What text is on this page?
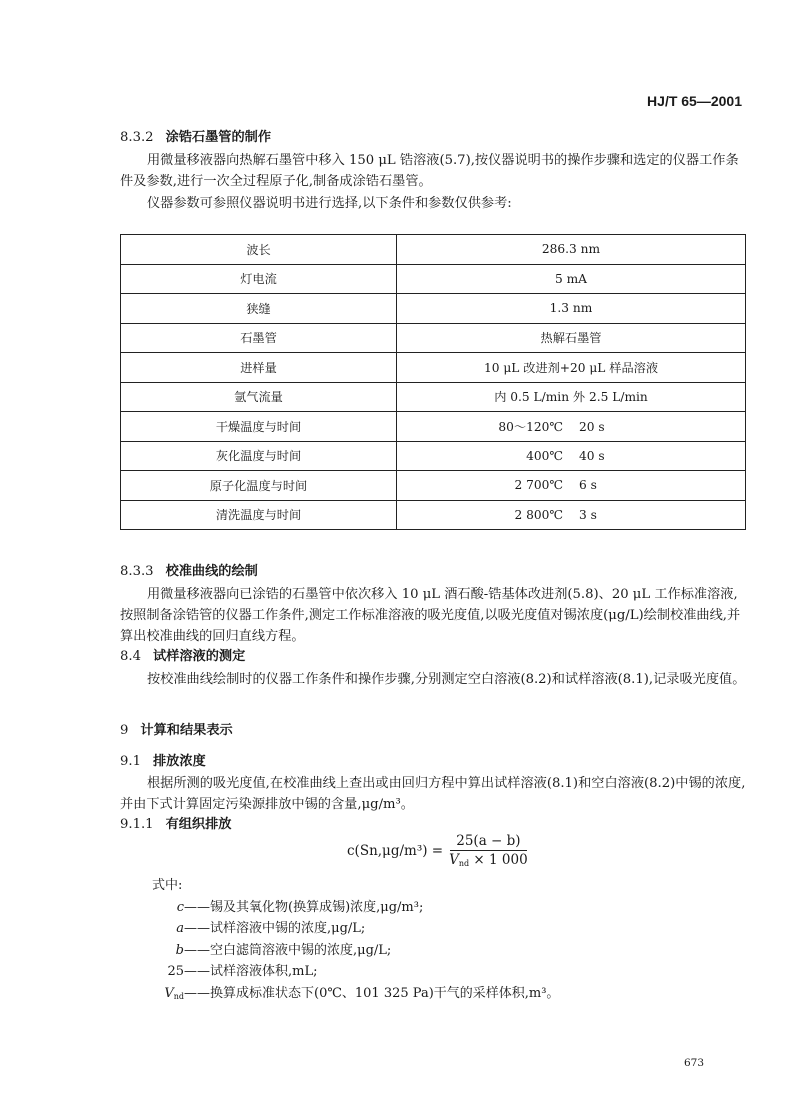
HJ/T 65—2001
8.3.2 涂锆石墨管的制作
用微量移液器向热解石墨管中移入 150 μL 锆溶液(5.7),按仪器说明书的操作步骤和选定的仪器工作条件及参数,进行一次全过程原子化,制备成涂锆石墨管。
仪器参数可参照仪器说明书进行选择,以下条件和参数仅供参考:
波长	286.3 nm
灯电流	5 mA
狭缝	1.3 nm
石墨管	热解石墨管
进样量	10 μL 改进剂+20 μL 样品溶液
氩气流量	内 0.5 L/min 外 2.5 L/min
干燥温度与时间	80～120℃ 20 s
灰化温度与时间	400℃ 40 s
原子化温度与时间	2 700℃ 6 s
清洗温度与时间	2 800℃ 3 s
8.3.3 校准曲线的绘制
用微量移液器向已涂锆的石墨管中依次移入 10 μL 酒石酸-锆基体改进剂(5.8)、20 μL 工作标准溶液,按照制备涂锆管的仪器工作条件,测定工作标准溶液的吸光度值,以吸光度值对锡浓度(μg/L)绘制校准曲线,并算出校准曲线的回归直线方程。
8.4 试样溶液的测定
按校准曲线绘制时的仪器工作条件和操作步骤,分别测定空白溶液(8.2)和试样溶液(8.1),记录吸光度值。
9 计算和结果表示
9.1 排放浓度
根据所测的吸光度值,在校准曲线上查出或由回归方程中算出试样溶液(8.1)和空白溶液(8.2)中锡的浓度,并由下式计算固定污染源排放中锡的含量,μg/m³。
9.1.1 有组织排放
$c(Sn,\mu g/m^3) = \frac{25(a - b)}{V_{nd} \times 1 000}$
式中:
c——锡及其氧化物(换算成锡)浓度,μg/m³;
a——试样溶液中锡的浓度,μg/L;
b——空白滤筒溶液中锡的浓度,μg/L;
25——试样溶液体积,mL;
$V_{nd}——$换算成标准状态下(0℃、101 325 Pa)干气的采样体积,m³。
673
